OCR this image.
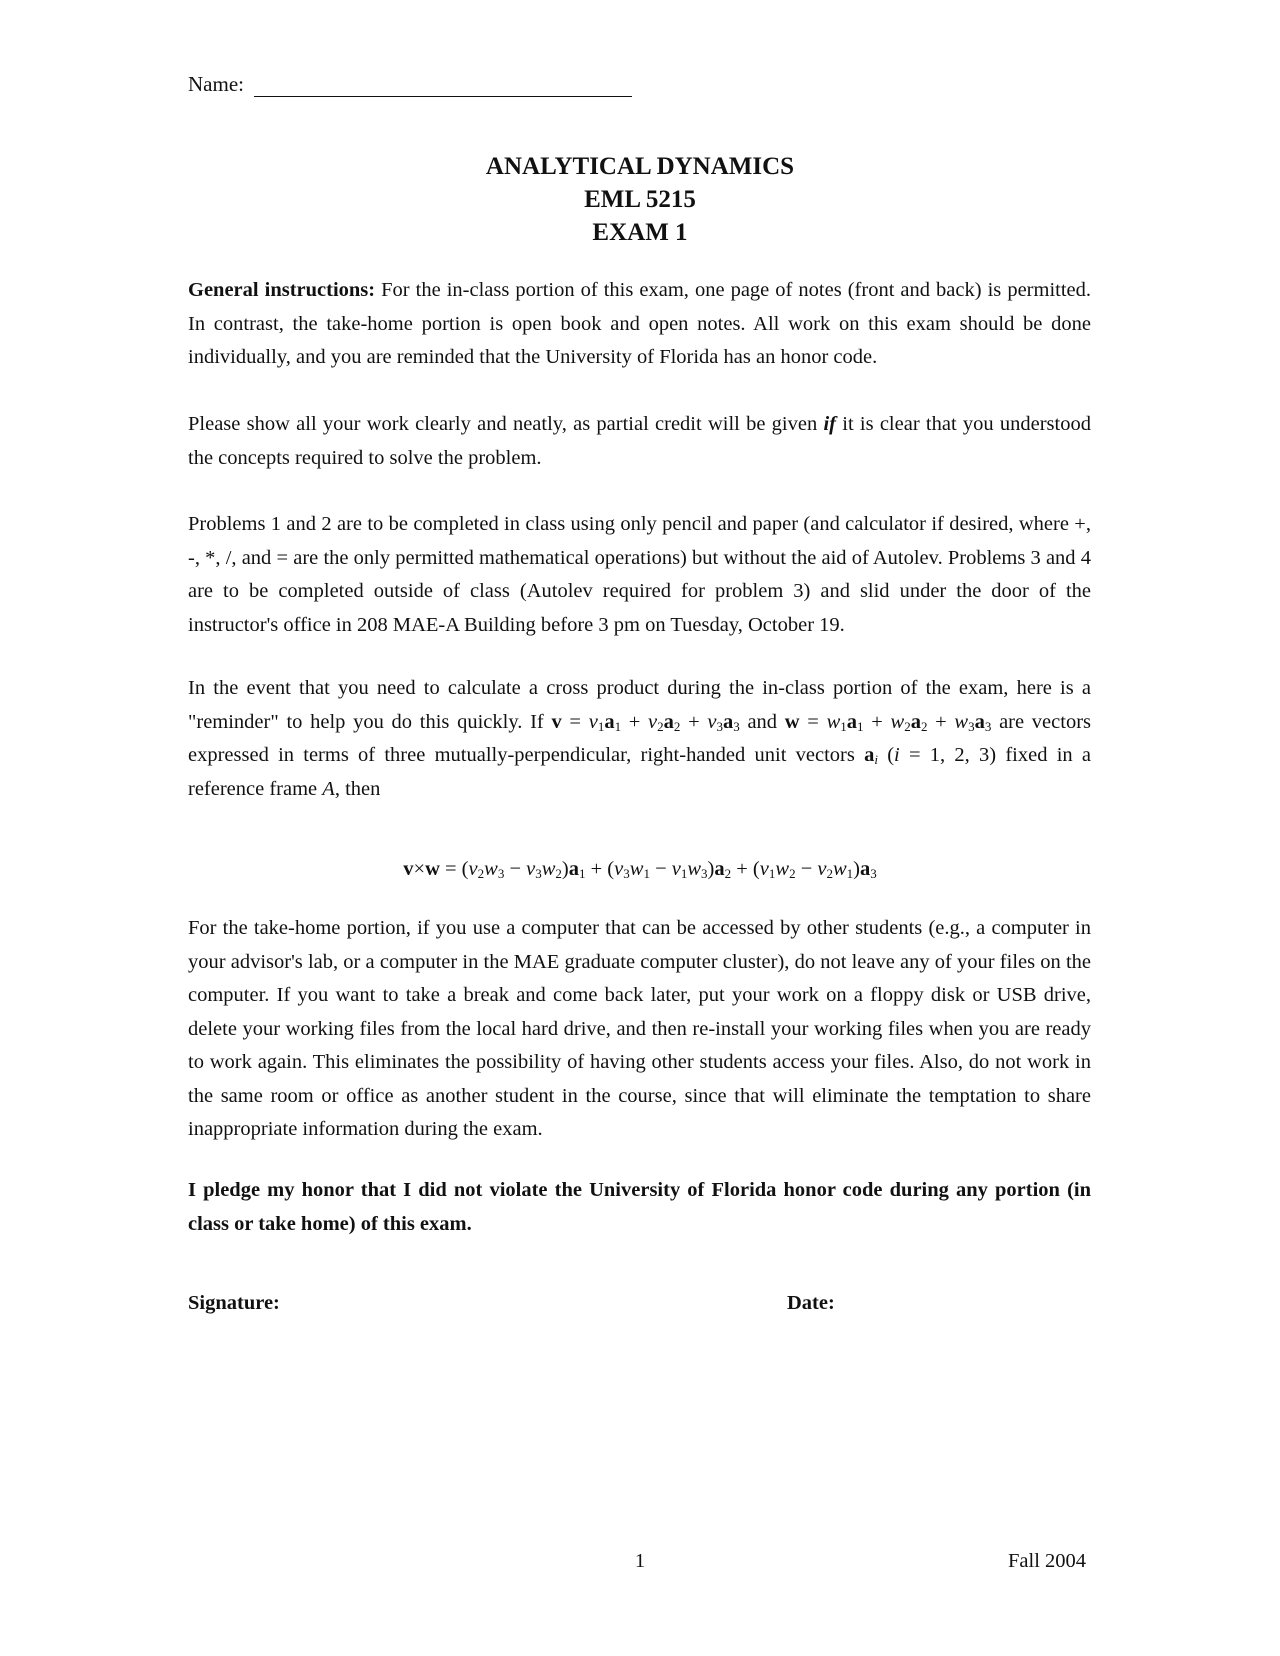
Name:
ANALYTICAL DYNAMICS
EML 5215
EXAM 1

General instructions: For the in-class portion of this exam, one page of notes (front and back) is permitted. In contrast, the take-home portion is open book and open notes. All work on this exam should be done individually, and you are reminded that the University of Florida has an honor code.

Please show all your work clearly and neatly, as partial credit will be given if it is clear that you understood the concepts required to solve the problem.

Problems 1 and 2 are to be completed in class using only pencil and paper (and calculator if desired, where +, -, *, /, and = are the only permitted mathematical operations) but without the aid of Autolev. Problems 3 and 4 are to be completed outside of class (Autolev required for problem 3) and slid under the door of the instructor's office in 208 MAE-A Building before 3 pm on Tuesday, October 19.

In the event that you need to calculate a cross product during the in-class portion of the exam, here is a "reminder" to help you do this quickly. If $v = v_1a_1 + v_2a_2 + v_3a_3$ and $w = w_1a_1 + w_2a_2 + w_3a_3$ are vectors expressed in terms of three mutually-perpendicular, right-handed unit vectors $a_i$ (i = 1, 2, 3) fixed in a reference frame A, then

$v\times w = (v_2w_3 - v_3w_2)a_1 + (v_3w_1 - v_1w_3)a_2 + (v_1w_2 - v_2w_1)a_3$

For the take-home portion, if you use a computer that can be accessed by other students (e.g., a computer in your advisor's lab, or a computer in the MAE graduate computer cluster), do not leave any of your files on the computer. If you want to take a break and come back later, put your work on a floppy disk or USB drive, delete your working files from the local hard drive, and then re-install your working files when you are ready to work again. This eliminates the possibility of having other students access your files. Also, do not work in the same room or office as another student in the course, since that will eliminate the temptation to share inappropriate information during the exam.

I pledge my honor that I did not violate the University of Florida honor code during any portion (in class or take home) of this exam.

Signature:	Date:
1	Fall 2004
